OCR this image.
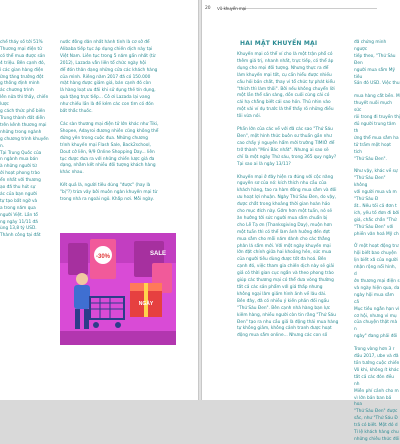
chế tháy số tới 51%

Thương mại điện tử

có thể mua được sản

4 triệu. Bên cạnh đó,

ì các gian hàng điện

ững tăng trưởng đột

g thống định mình

ác chương trình

lên nữa thì thấy, chiến lược

g cách thức phổ biến

Trung thành đất diễn

trên kênh thương mại

những trong ngành

g chương trình khuyến

n.

Tại Trung Quốc của

n ngành mua bán

à những người từ

ới hoạt phong trào

ển nhất với thương

ạo đã thu hút sự

ác của bạn người

tự tạo bất ngờ và

a trong năm qua

người Việt. Lần tổ

ng ngày 11/11 đã

ùng 13,8 tỷ USD.

Thành công tại đất

nước đông dân nhất hành tinh là cơ sở để

Alibaba tiếp tục áp dụng chiến dịch này tại

Việt Nam. Liên tục trong 5 năm gần nhất (từ

2012), Lazada vẫn liên tổ chức ngày hội

để đón thân dạng những cửa các khách hàng

của mình. Riêng năm 2017 đã có 150.000

mặt hàng được giảm giá, bán cạnh đó còn

là hàng loạt ưu đãi khi sử dụng thẻ tín dụng,

quà tặng trực tiếp... Cô ơi Lazada lại vang

như chiếu lần là đề kém các con tìm có đón

bất thắc thuốc.

Các sàn thương mại điện tử lớn khác như Tiki,

Shopee, Adayroi đương nhiên cũng không thể

đứng yên trong cuộc đua. Những chương

trình khuyến mại Flash Sale, Back2school,

Dout cở liên, 9/9 Online Shopping Day... liên

tục được đưa ra với những chiến lược giá đa

dạng, nhằm kết nhiều đối tượng khách hàng

khác nhau.

Kết quả là, người tiêu dùng "được" (hay là

"bị"?) trừa vây bởi muôn ngàn khuyến mại từ

trong nhà ra ngoài ngõ. Khắp nơi. Mỗi ngày.

-30%
NGÀY
SALE
20 Vũ khuyến mại
HAI MẶT KHUYẾN MẠI

Khuyến mại có thể ví cho là một trận phổ có

thêm giá trị, nhanh nhất, trực tiếp, có thể áp

dụng cho mọi đối tượng. Nhưng thực ra để

làm khuyến mại tốt, cụ cần hiểu được nhiều

cấu hỏi bản chất, thay vì tổ chức tự phát kiểu

"thích thì làm thôi". Bởi nếu không chuyển lời

một lần thể sản sàng, dồn cuối cùng cái có

cái hạ chẳng biết cái sao hỏn. Thủ nhìn vào

một vài ví dụ trước là thể thấy rõ những điều

tôi vừa nói.

Phần lớn của các về với đã các sao "Thứ Sáu

Đen", một hình thức buôn sư thuần gần như

cao chấy ý nguyên hẩm mới trường TIMIỜ để

trở thành "Mini Bác nhất". Nhưng ai sao sẽ

chỉ là một ngày Thứ sáu, trong 365 quy ngày?

Tại sao ai là ngày 13/11?

Khuyến mại ở đây hiện ra đúng với cộc năng

nguyên sơ của nó: kích thích nhu cầu của

khách hàng, tao ra hàm đông mua sắm và đối

ưu hoạt lợi nhuận. Ngày Thứ Sáu Đen, do vậy,

được chắt trong khoảng thời gian hoàn hảo

cho mục đích này. Gớm hơn một tuần, nó sẽ

ăn hưởng tới sức người mua sắm chuẩn bị

cho Lễ Tạ ơn (Thanksgiving Day), muộn hơn

một tuần thì có thể làm ảnh hưởng đến đợt

mua sắm cho mỗi năm dành cho các thắng

phân lá sắm mới. Với một ngày khuyến mại

lớn đặt chính giữa hai khoảng hẻn, sức mua

của người tiêu dùng được tốt đa hoá. Bên

cạnh đó, việc tham gia chiến dịch này sẽ giải

giả có thời gian cục ngắn và theo phong trào

giúp các thương mại có thể dưa vòng thường

tất cả các sản phẩm với giá thấp nhưng

không ngại lâm giảm hình ảnh về lâu dài.

Bên đây, đã có nhiều ý kiến phản đối ngầu

"Thứ Sáu Đen". Bên cạnh nhà hàng bạn lực

kiêm hàng, nhiều người còn tin rằng "Thứ Sáu

Đen" tạo ra nhu cầu giả là động thái mua hàng

tự không giảm, không cảnh tranh được hoạt

động mua sắm online... Nhưng các con số

đã chứng minh ngược

tiếp theo, "Thứ Sáu Đen

người mua sắm Mỹ tiêu

Sản đó USD. Việc thu

mua hàng cắt bền. M

thuyết nuôi mụch sức

rõi trong đi truyền thị

đủ người trung tâm th

ứng thể mua sắm ha

tử trầm một hoạt tích

"Thứ Sáu Đen".

Như vậy, khác về sự

"Thứ Sáu Đen" không

với người mua và m

"Thứ Sáu Đ

ất.. Nếu tối cả đơn t

ích, yếu tố đơn đi bới

giá, chắc chắn "Thứ

"Thứ Sáu Đen" với

phiền văn hoá Mỹ ch

Ở một hoạt động trư

hội biết bao chuyện

lịn biết xã của người

nhận rộng nổi hình, d

ớn thương mại điện s

và ngày hiện qua, da

ngày hội mua sắm cấ

Mục tiêu ngắn hạn vì

cơ hội, nhưng vì mụ

của chuyện thật mà n

ngày" đang phải đối

Trong vòng hơn 3 r

đầu 2017, ưbe và đã

tồn tướng cuộc chiến

Vô khi, không ít khác

tất cả các đón đều nh

Miễn phí cảnh cho m

vì lớn bản ban bả hoa

"Thứ Sáu Đen" được

sắc, như "Thứ Sáu Đ

trả có biêt. Một đó d

Tí lệ khách hàng chu

những chiêu thức đối
